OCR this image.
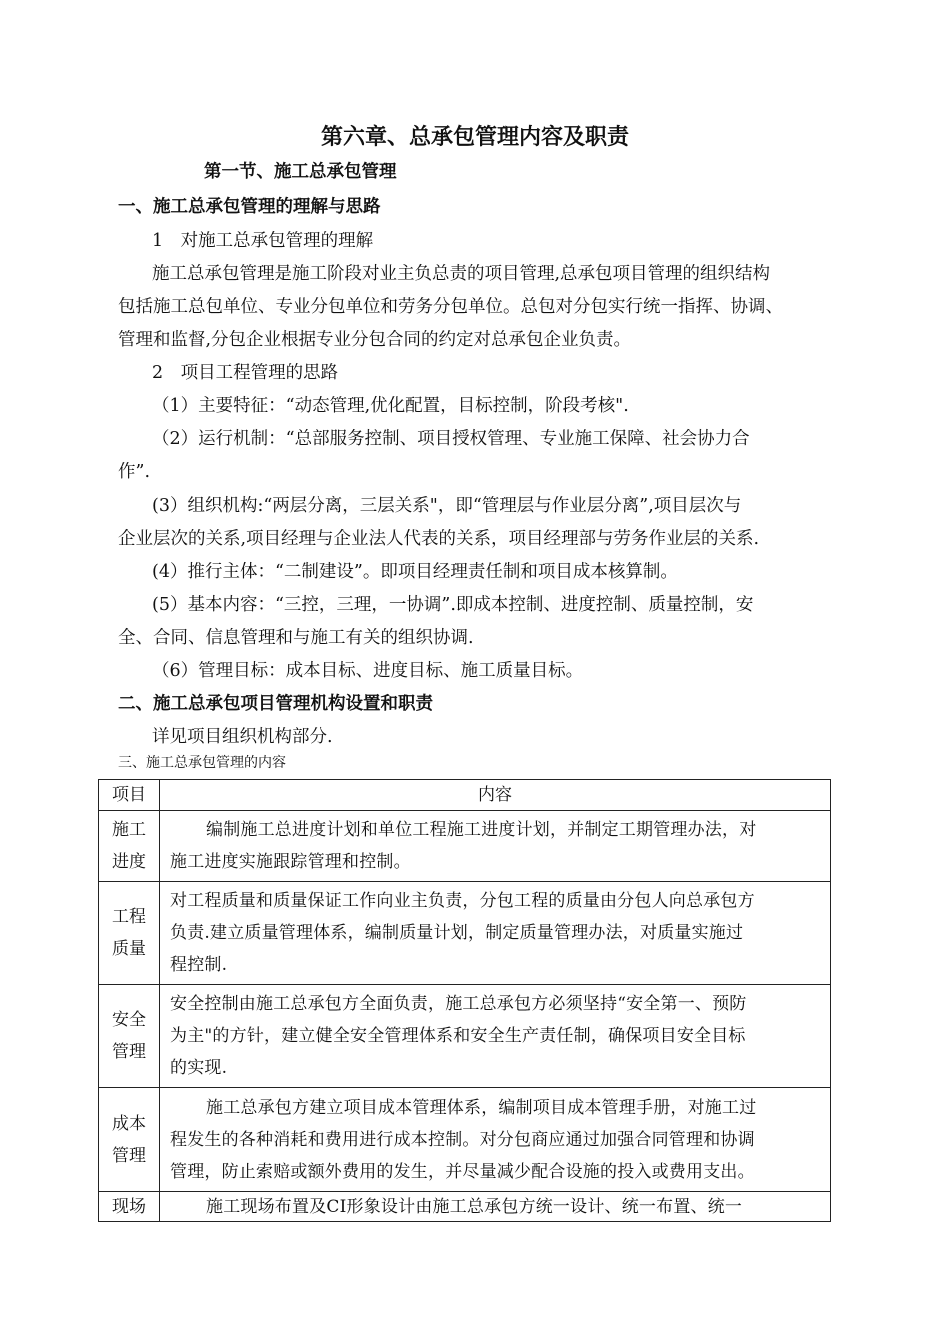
第六章、总承包管理内容及职责
第一节、施工总承包管理
一、施工总承包管理的理解与思路
1　对施工总承包管理的理解
施工总承包管理是施工阶段对业主负总责的项目管理,总承包项目管理的组织结构
包括施工总包单位、专业分包单位和劳务分包单位。总包对分包实行统一指挥、协调、
管理和监督,分包企业根据专业分包合同的约定对总承包企业负责。
2　项目工程管理的思路
（1）主要特征：“动态管理,优化配置，目标控制，阶段考核".
（2）运行机制：“总部服务控制、项目授权管理、专业施工保障、社会协力合
作”.
(3）组织机构:“两层分离，三层关系"，即“管理层与作业层分离”,项目层次与
企业层次的关系,项目经理与企业法人代表的关系，项目经理部与劳务作业层的关系.
(4）推行主体：“二制建设”。即项目经理责任制和项目成本核算制。
(5）基本内容：“三控，三理，一协调”.即成本控制、进度控制、质量控制，安
全、合同、信息管理和与施工有关的组织协调.
（6）管理目标：成本目标、进度目标、施工质量目标。
二、施工总承包项目管理机构设置和职责
详见项目组织机构部分.
三、施工总承包管理的内容
项目	内容

施工
进度	编制施工总进度计划和单位工程施工进度计划，并制定工期管理办法，对
施工进度实施跟踪管理和控制。

工程
质量	对工程质量和质量保证工作向业主负责，分包工程的质量由分包人向总承包方
负责.建立质量管理体系，编制质量计划，制定质量管理办法，对质量实施过
程控制.

安全
管理	安全控制由施工总承包方全面负责，施工总承包方必须坚持“安全第一、预防
为主"的方针，建立健全安全管理体系和安全生产责任制，确保项目安全目标
的实现.

成本
管理	施工总承包方建立项目成本管理体系，编制项目成本管理手册，对施工过
程发生的各种消耗和费用进行成本控制。对分包商应通过加强合同管理和协调
管理，防止索赔或额外费用的发生，并尽量减少配合设施的投入或费用支出。

现场	施工现场布置及CI形象设计由施工总承包方统一设计、统一布置、统一
